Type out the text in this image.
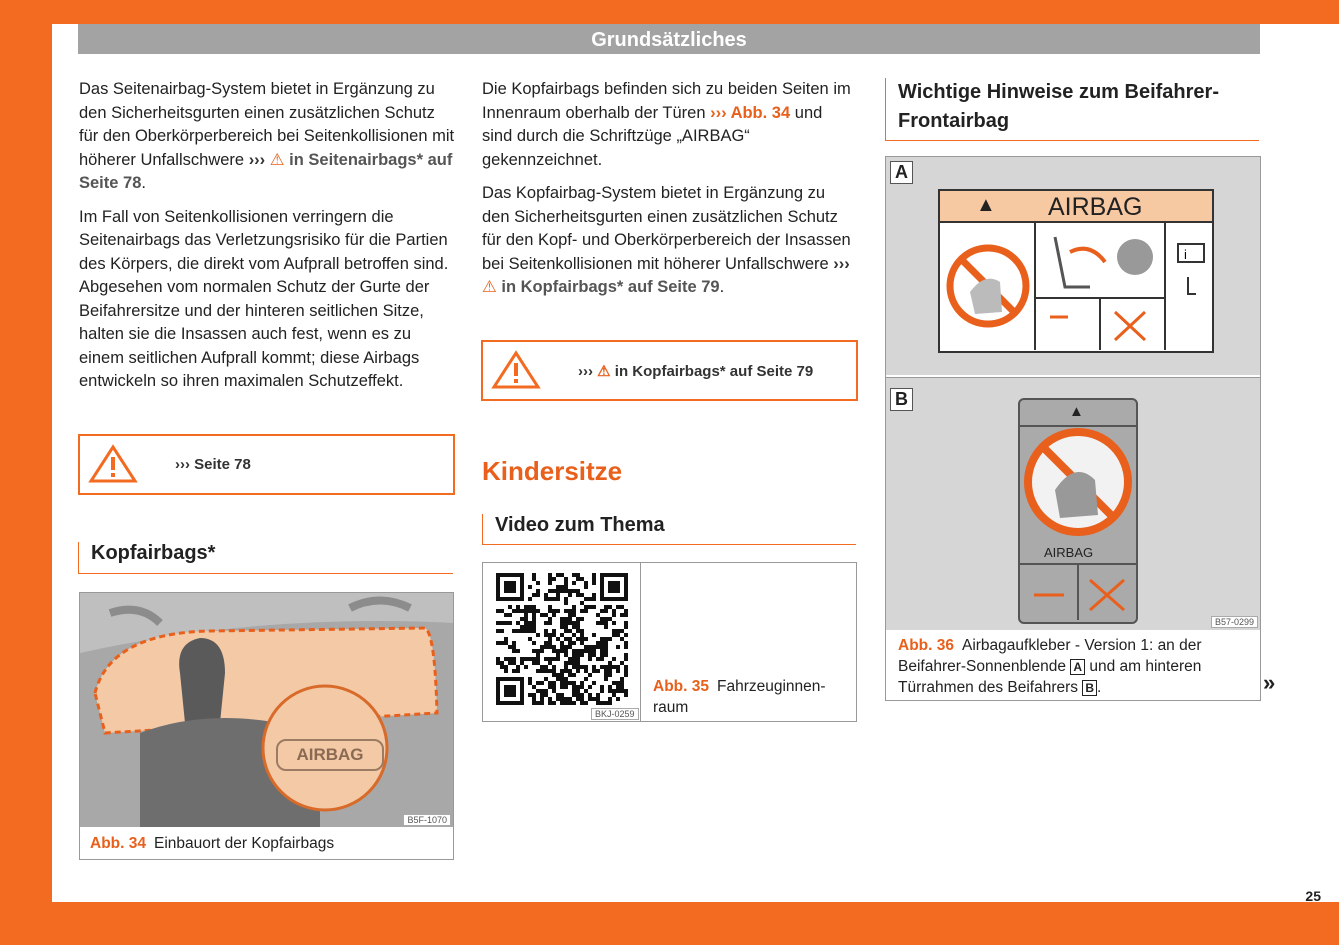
Grundsätzliches

Das Seitenairbag-System bietet in Ergänzung zu den Sicherheitsgurten einen zusätzlichen Schutz für den Oberkörperbereich bei Seitenkollisionen mit höherer Unfallschwere ››› ⚠ in Seitenairbags* auf Seite 78.

Im Fall von Seitenkollisionen verringern die Seitenairbags das Verletzungsrisiko für die Partien des Körpers, die direkt vom Aufprall betroffen sind. Abgesehen vom normalen Schutz der Gurte der Beifahrersitze und der hinteren seitlichen Sitze, halten sie die Insassen auch fest, wenn es zu einem seitlichen Aufprall kommt; diese Airbags entwickeln so ihren maximalen Schutzeffekt.

››› Seite 78
Kopfairbags*
AIRBAG
B5F-1070
Abb. 34 Einbauort der Kopfairbags

Die Kopfairbags befinden sich zu beiden Seiten im Innenraum oberhalb der Türen ››› Abb. 34 und sind durch die Schriftzüge „AIRBAG“ gekennzeichnet.

Das Kopfairbag-System bietet in Ergänzung zu den Sicherheitsgurten einen zusätzlichen Schutz für den Kopf- und Oberkörperbereich der Insassen bei Seitenkollisionen mit höherer Unfallschwere ››› ⚠ in Kopfairbags* auf Seite 79.

››› ⚠ in Kopfairbags* auf Seite 79
Kindersitze
Video zum Thema
BKJ-0259
Abb. 35 Fahrzeuginnenraum
Wichtige Hinweise zum Beifahrer-Frontairbag
A
▲ AIRBAG
i
B
▲
AIRBAG
B57-0299
Abb. 36 Airbagaufkleber - Version 1: an der Beifahrer-Sonnenblende A und am hinteren Türrahmen des Beifahrers B .	»
25
